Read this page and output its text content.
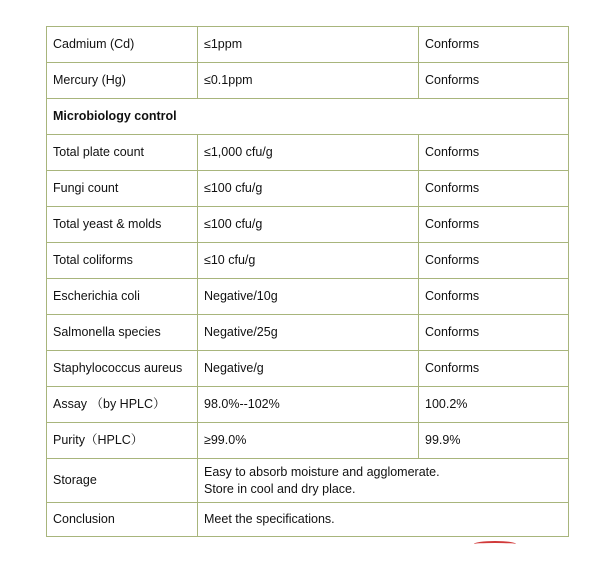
Cadmium (Cd)	≤1ppm	Conforms
Mercury (Hg)	≤0.1ppm	Conforms
Microbiology control		
Total plate count	≤1,000 cfu/g	Conforms
Fungi count	≤100 cfu/g	Conforms
Total yeast & molds	≤100 cfu/g	Conforms
Total coliforms	≤10 cfu/g	Conforms
Escherichia coli	Negative/10g	Conforms
Salmonella species	Negative/25g	Conforms
Staphylococcus aureus	Negative/g	Conforms
Assay （by HPLC）	98.0%--102%	100.2%
Purity（HPLC）	≥99.0%	99.9%
Storage	Easy to absorb moisture and agglomerate.
Store in cool and dry place.	

Conclusion	Meet the specifications.	
